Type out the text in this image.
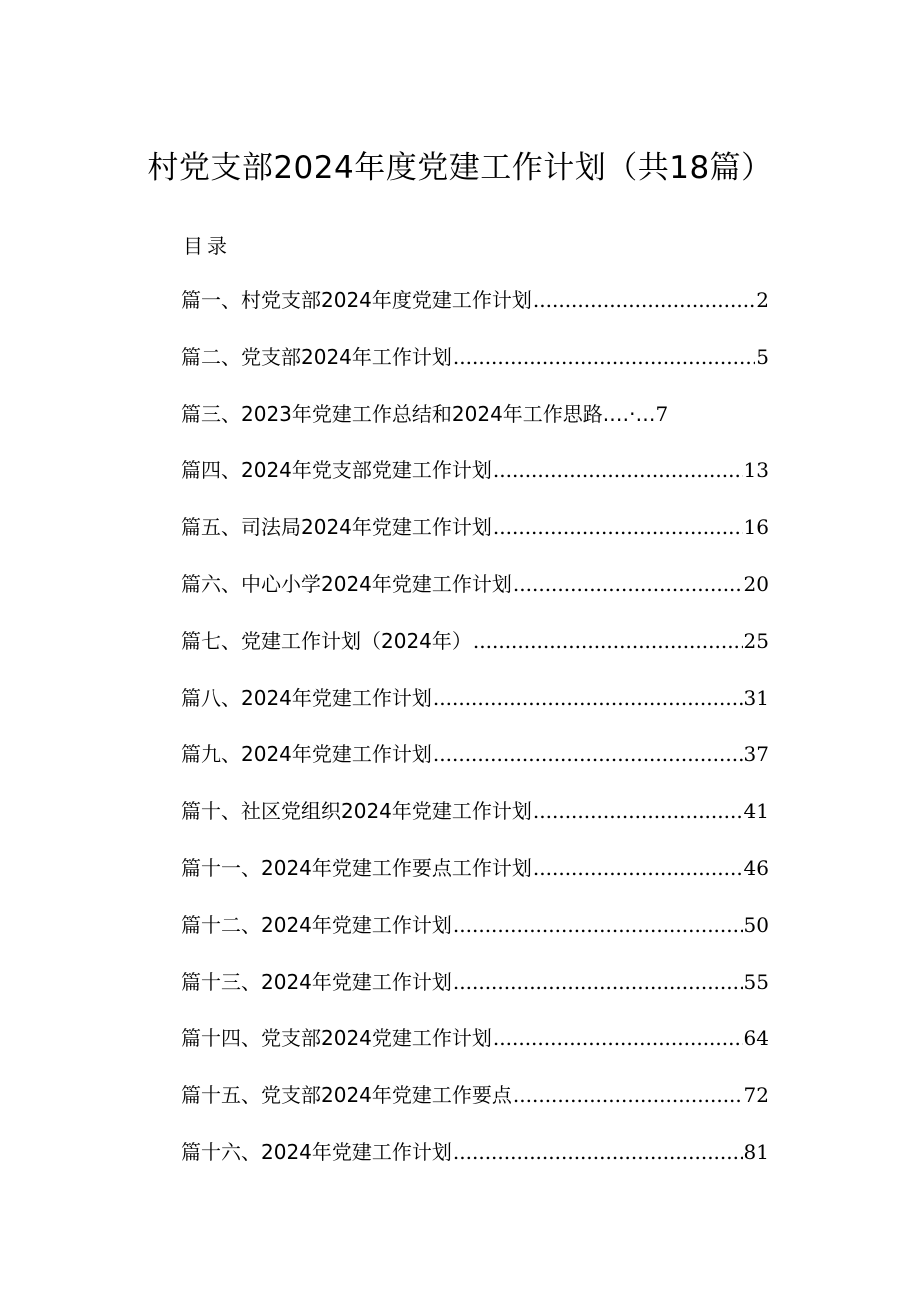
村党支部2024年度党建工作计划（共18篇）
目录
篇一、村党支部2024年度党建工作计划 .....	2
篇二、党支部2024年工作计划 .....	5
篇三、2023年党建工作总结和2024年工作思路.…·… 7
篇四、2024年党支部党建工作计划 .....	13
篇五、司法局2024年党建工作计划 .....	16
篇六、中心小学2024年党建工作计划 .....	20
篇七、党建工作计划（2024年） .....	25
篇八、2024年党建工作计划 .....	31
篇九、2024年党建工作计划 .....	37
篇十、社区党组织2024年党建工作计划 .....	41
篇十一、2024年党建工作要点工作计划 .....	46
篇十二、2024年党建工作计划 .....	50
篇十三、2024年党建工作计划 .....	55
篇十四、党支部2024党建工作计划 .....	64
篇十五、党支部2024年党建工作要点 .....	72
篇十六、2024年党建工作计划 .....	81
